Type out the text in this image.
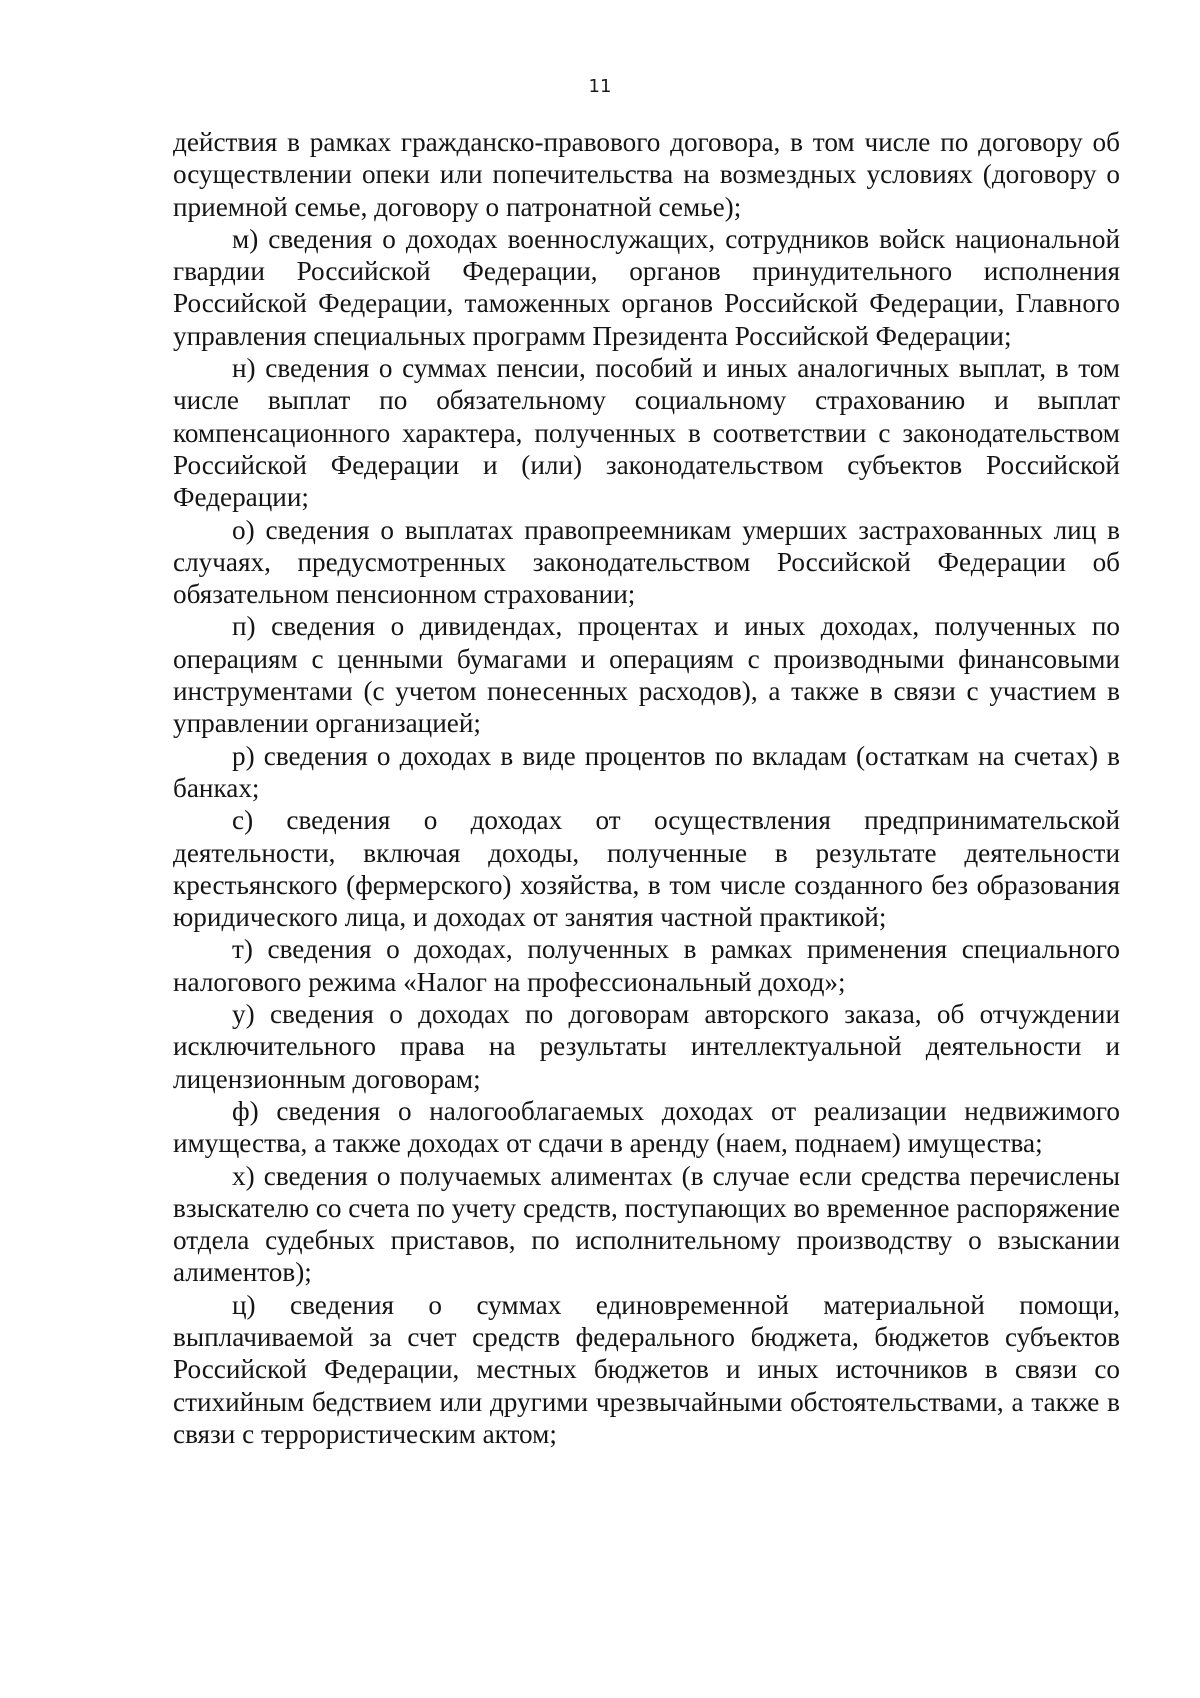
11

действия в рамках гражданско-правового договора, в том числе по договору об осуществлении опеки или попечительства на возмездных условиях (договору о приемной семье, договору о патронатной семье);

м) сведения о доходах военнослужащих, сотрудников войск национальной гвардии Российской Федерации, органов принудительного исполнения Российской Федерации, таможенных органов Российской Федерации, Главного управления специальных программ Президента Российской Федерации;

н) сведения о суммах пенсии, пособий и иных аналогичных выплат, в том числе выплат по обязательному социальному страхованию и выплат компенсационного характера, полученных в соответствии с законодательством Российской Федерации и (или) законодательством субъектов Российской Федерации;

о) сведения о выплатах правопреемникам умерших застрахованных лиц в случаях, предусмотренных законодательством Российской Федерации об обязательном пенсионном страховании;

п) сведения о дивидендах, процентах и иных доходах, полученных по операциям с ценными бумагами и операциям с производными финансовыми инструментами (с учетом понесенных расходов), а также в связи с участием в управлении организацией;

р) сведения о доходах в виде процентов по вкладам (остаткам на счетах) в банках;

с) сведения о доходах от осуществления предпринимательской деятельности, включая доходы, полученные в результате деятельности крестьянского (фермерского) хозяйства, в том числе созданного без образования юридического лица, и доходах от занятия частной практикой;

т) сведения о доходах, полученных в рамках применения специального налогового режима «Налог на профессиональный доход»;

у) сведения о доходах по договорам авторского заказа, об отчуждении исключительного права на результаты интеллектуальной деятельности и лицензионным договорам;

ф) сведения о налогооблагаемых доходах от реализации недвижимого имущества, а также доходах от сдачи в аренду (наем, поднаем) имущества;

х) сведения о получаемых алиментах (в случае если средства перечислены взыскателю со счета по учету средств, поступающих во временное распоряжение отдела судебных приставов, по исполнительному производству о взыскании алиментов);

ц) сведения о суммах единовременной материальной помощи, выплачиваемой за счет средств федерального бюджета, бюджетов субъектов Российской Федерации, местных бюджетов и иных источников в связи со стихийным бедствием или другими чрезвычайными обстоятельствами, а также в связи с террористическим актом;
